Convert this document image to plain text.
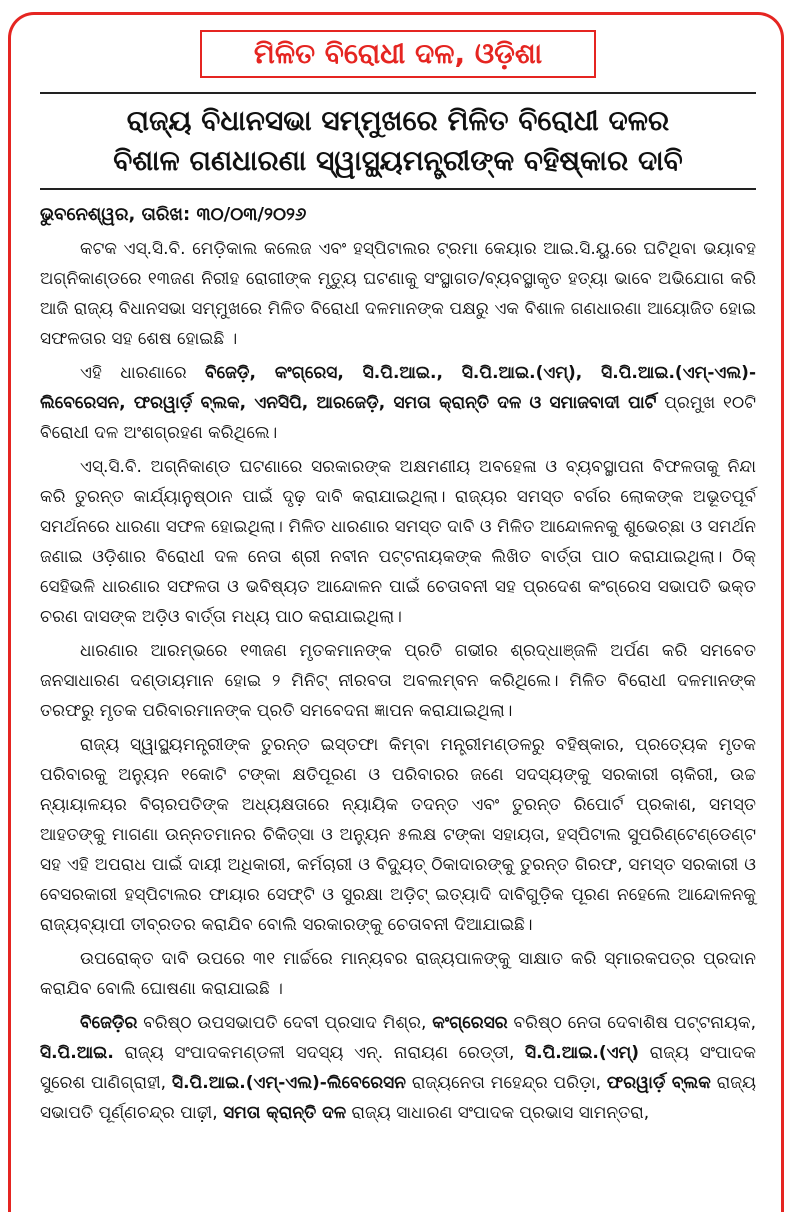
ମିଳିତ ବିରୋଧୀ ଦଳ, ଓଡ଼ିଶା
ରାଜ୍ୟ ବିଧାନସଭା ସମ୍ମୁଖରେ ମିଳିତ ବିରୋଧୀ ଦଳର
ବିଶାଳ ଗଣଧାରଣା ସ୍ୱାସ୍ଥ୍ୟମନ୍ତ୍ରୀଙ୍କ ବହିଷ୍କାର ଦାବି
ଭୁବନେଶ୍ୱର, ତାରିଖ: ୩୦/୦୩/୨୦୨୬

କଟକ ଏସ୍.ସି.ବି. ମେଡ଼ିକାଲ କଲେଜ ଏବଂ ହସ୍ପିଟାଲର ଟ୍ରମା କେୟାର ଆଇ.ସି.ୟୁ.ରେ ଘଟିଥିବା ଭୟାବହ ଅଗ୍ନିକାଣ୍ଡରେ ୧୩ଜଣ ନିରୀହ ରୋଗୀଙ୍କ ମୃତ୍ୟୁ ଘଟଣାକୁ ସଂସ୍ଥାଗତ/ବ୍ୟବସ୍ଥାକୃତ ହତ୍ୟା ଭାବେ ଅଭିଯୋଗ କରି ଆଜି ରାଜ୍ୟ ବିଧାନସଭା ସମ୍ମୁଖରେ ମିଳିତ ବିରୋଧୀ ଦଳମାନଙ୍କ ପକ୍ଷରୁ ଏକ ବିଶାଳ ଗଣଧାରଣା ଆୟୋଜିତ ହୋଇ ସଫଳତାର ସହ ଶେଷ ହୋଇଛି ।

ଏହି ଧାରଣାରେ ବିଜେଡ଼ି, କଂଗ୍ରେସ, ସି.ପି.ଆଇ., ସି.ପି.ଆଇ.(ଏମ୍), ସି.ପି.ଆଇ.(ଏମ୍-ଏଲ)-ଲିବେରେସନ, ଫରୱାର୍ଡ଼ ବ୍ଲକ, ଏନସିପି, ଆରଜେଡ଼ି, ସମତା କ୍ରାନ୍ତି ଦଳ ଓ ସମାଜବାଦୀ ପାର୍ଟି ପ୍ରମୁଖ ୧୦ଟି ବିରୋଧୀ ଦଳ ଅଂଶଗ୍ରହଣ କରିଥିଲେ।

ଏସ୍.ସି.ବି. ଅଗ୍ନିକାଣ୍ଡ ଘଟଣାରେ ସରକାରଙ୍କ ଅକ୍ଷମଣୀୟ ଅବହେଳା ଓ ବ୍ୟବସ୍ଥାପନା ବିଫଳତାକୁ ନିନ୍ଦା କରି ତୁରନ୍ତ କାର୍ଯ୍ୟାନୁଷ୍ଠାନ ପାଇଁ ଦୃଢ଼ ଦାବି କରାଯାଇଥିଲା। ରାଜ୍ୟର ସମସ୍ତ ବର୍ଗର ଲୋକଙ୍କ ଅଭୂତପୂର୍ବ ସମର୍ଥନରେ ଧାରଣା ସଫଳ ହୋଇଥିଲା। ମିଳିତ ଧାରଣାର ସମସ୍ତ ଦାବି ଓ ମିଳିତ ଆନ୍ଦୋଳନକୁ ଶୁଭେଚ୍ଛା ଓ ସମର୍ଥନ ଜଣାଇ ଓଡ଼ିଶାର ବିରୋଧୀ ଦଳ ନେତା ଶ୍ରୀ ନବୀନ ପଟ୍ଟନାୟକଙ୍କ ଲିଖିତ ବାର୍ତ୍ତା ପାଠ କରାଯାଇଥିଲା। ଠିକ୍ ସେହିଭଳି ଧାରଣାର ସଫଳତା ଓ ଭବିଷ୍ୟତ ଆନ୍ଦୋଳନ ପାଇଁ ଚେତାବନୀ ସହ ପ୍ରଦେଶ କଂଗ୍ରେସ ସଭାପତି ଭକ୍ତ ଚରଣ ଦାସଙ୍କ ଅଡ଼ିଓ ବାର୍ତ୍ତା ମଧ୍ୟ ପାଠ କରାଯାଇଥିଲା।

ଧାରଣାର ଆରମ୍ଭରେ ୧୩ଜଣ ମୃତକମାନଙ୍କ ପ୍ରତି ଗଭୀର ଶ୍ରଦ୍ଧାଞ୍ଜଳି ଅର୍ପଣ କରି ସମବେତ ଜନସାଧାରଣ ଦଣ୍ଡାୟମାନ ହୋଇ ୨ ମିନିଟ୍ ନୀରବତା ଅବଲମ୍ବନ କରିଥିଲେ। ମିଳିତ ବିରୋଧୀ ଦଳମାନଙ୍କ ତରଫରୁ ମୃତକ ପରିବାରମାନଙ୍କ ପ୍ରତି ସମବେଦନା ଜ୍ଞାପନ କରାଯାଇଥିଲା।

ରାଜ୍ୟ ସ୍ୱାସ୍ଥ୍ୟମନ୍ତ୍ରୀଙ୍କ ତୁରନ୍ତ ଇସ୍ତଫା କିମ୍ବା ମନ୍ତ୍ରୀମଣ୍ଡଳରୁ ବହିଷ୍କାର, ପ୍ରତ୍ୟେକ ମୃତକ ପରିବାରକୁ ଅନ୍ୟୁନ ୧କୋଟି ଟଙ୍କା କ୍ଷତିପୂରଣ ଓ ପରିବାରର ଜଣେ ସଦସ୍ୟଙ୍କୁ ସରକାରୀ ଚାକିରୀ, ଉଚ୍ଚ ନ୍ୟାୟାଳୟର ବିଚାରପତିଙ୍କ ଅଧ୍ୟକ୍ଷତାରେ ନ୍ୟାୟିକ ତଦନ୍ତ ଏବଂ ତୁରନ୍ତ ରିପୋର୍ଟ ପ୍ରକାଶ, ସମସ୍ତ ଆହତଙ୍କୁ ମାଗଣା ଉନ୍ନତମାନର ଚିକିତ୍ସା ଓ ଅନ୍ୟୁନ ୫ଲକ୍ଷ ଟଙ୍କା ସହାୟତା, ହସ୍ପିଟାଲ ସୁପରିଣ୍ଟେଣ୍ଡେଣ୍ଟ ସହ ଏହି ଅପରାଧ ପାଇଁ ଦାୟୀ ଅଧିକାରୀ, କର୍ମଚାରୀ ଓ ବିଦ୍ୟୁତ୍ ଠିକାଦାରଙ୍କୁ ତୁରନ୍ତ ଗିରଫ, ସମସ୍ତ ସରକାରୀ ଓ ବେସରକାରୀ ହସ୍ପିଟାଲର ଫାୟାର ସେଫ୍ଟି ଓ ସୁରକ୍ଷା ଅଡ଼ିଟ୍ ଇତ୍ୟାଦି ଦାବିଗୁଡ଼ିକ ପୂରଣ ନହେଲେ ଆନ୍ଦୋଳନକୁ ରାଜ୍ୟବ୍ୟାପୀ ତୀବ୍ରତର କରାଯିବ ବୋଲି ସରକାରଙ୍କୁ ଚେତାବନୀ ଦିଆଯାଇଛି।

ଉପରୋକ୍ତ ଦାବି ଉପରେ ୩୧ ମାର୍ଚ୍ଚରେ ମାନ୍ୟବର ରାଜ୍ୟପାଳଙ୍କୁ ସାକ୍ଷାତ କରି ସ୍ମାରକପତ୍ର ପ୍ରଦାନ କରାଯିବ ବୋଲି ଘୋଷଣା କରାଯାଇଛି ।

ବିଜେଡ଼ିର ବରିଷ୍ଠ ଉପସଭାପତି ଦେବୀ ପ୍ରସାଦ ମିଶ୍ର, କଂଗ୍ରେସର ବରିଷ୍ଠ ନେତା ଦେବାଶିଷ ପଟ୍ଟନାୟକ, ସି.ପି.ଆଇ. ରାଜ୍ୟ ସଂପାଦକମଣ୍ଡଳୀ ସଦସ୍ୟ ଏନ୍. ନାରାୟଣ ରେଡ୍ଡୀ, ସି.ପି.ଆଇ.(ଏମ୍) ରାଜ୍ୟ ସଂପାଦକ ସୁରେଶ ପାଣିଗ୍ରାହୀ, ସି.ପି.ଆଇ.(ଏମ୍-ଏଲ)-ଲିବେରେସନ ରାଜ୍ୟନେତା ମହେନ୍ଦ୍ର ପରିଡ଼ା, ଫରୱାର୍ଡ଼ ବ୍ଲକ ରାଜ୍ୟ ସଭାପତି ପୂର୍ଣ୍ଣଚନ୍ଦ୍ର ପାଢ଼ୀ, ସମତା କ୍ରାନ୍ତି ଦଳ ରାଜ୍ୟ ସାଧାରଣ ସଂପାଦକ ପ୍ରଭାସ ସାମନ୍ତରା,
